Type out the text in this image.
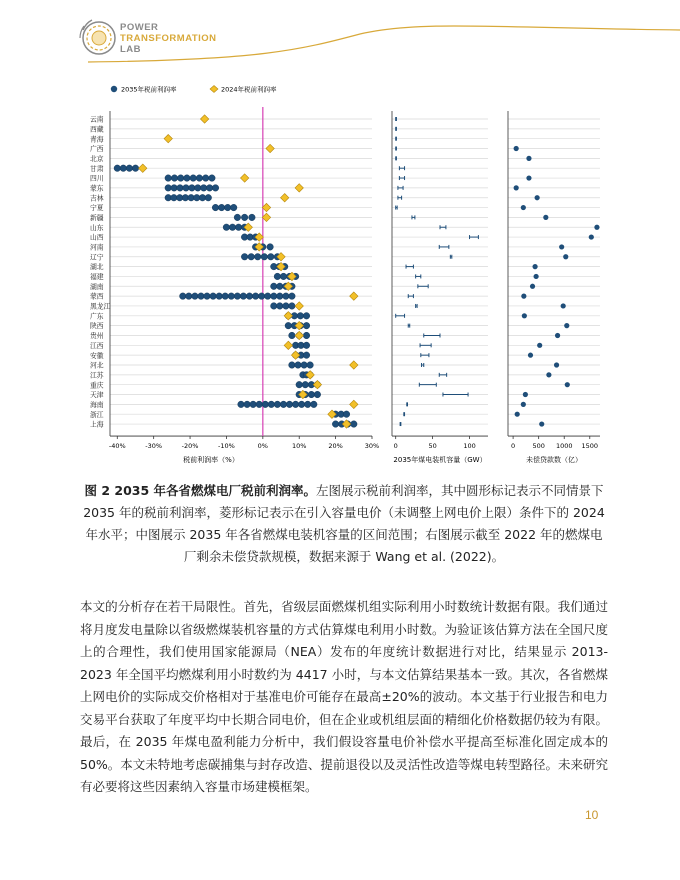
POWER
TRANSFORMATION
LAB
云南
西藏
青海
广西
北京
甘肃
四川
蒙东
吉林
宁夏
新疆
山东
山西
河南
辽宁
湖北
福建
湖南
蒙西
黑龙江
广东
陕西
贵州
江西
安徽
河北
江苏
重庆
天津
海南
浙江
上海
2035年税前利润率	2024年税前利润率
-40%	-30%	-20%	-10%	0%	10%	20%	30% 0	50	100	0	500 1000 1500
税前利润率（%）	2035年煤电装机容量（GW）	未偿贷款数（亿）
图 2 2035 年各省燃煤电厂税前利润率。左图展示税前利润率，其中圆形标记表示不同情景下 2035 年的税前利润率，菱形标记表示在引入容量电价（未调整上网电价上限）条件下的 2024 年水平；中图展示 2035 年各省燃煤电装机容量的区间范围；右图展示截至 2022 年的燃煤电厂剩余未偿贷款规模，数据来源于 Wang et al. (2022)。
本文的分析存在若干局限性。首先，省级层面燃煤机组实际利用小时数统计数据有限。我们通过将月度发电量除以省级燃煤装机容量的方式估算煤电利用小时数。为验证该估算方法在全国尺度上的合理性，我们使用国家能源局（NEA）发布的年度统计数据进行对比，结果显示 2013-2023 年全国平均燃煤利用小时数约为 4417 小时，与本文估算结果基本一致。其次，各省燃煤上网电价的实际成交价格相对于基准电价可能存在最高±20%的波动。本文基于行业报告和电力交易平台获取了年度平均中长期合同电价，但在企业或机组层面的精细化价格数据仍较为有限。最后，在 2035 年煤电盈利能力分析中，我们假设容量电价补偿水平提高至标准化固定成本的 50%。本文未特地考虑碳捕集与封存改造、提前退役以及灵活性改造等煤电转型路径。未来研究有必要将这些因素纳入容量市场建模框架。
10
